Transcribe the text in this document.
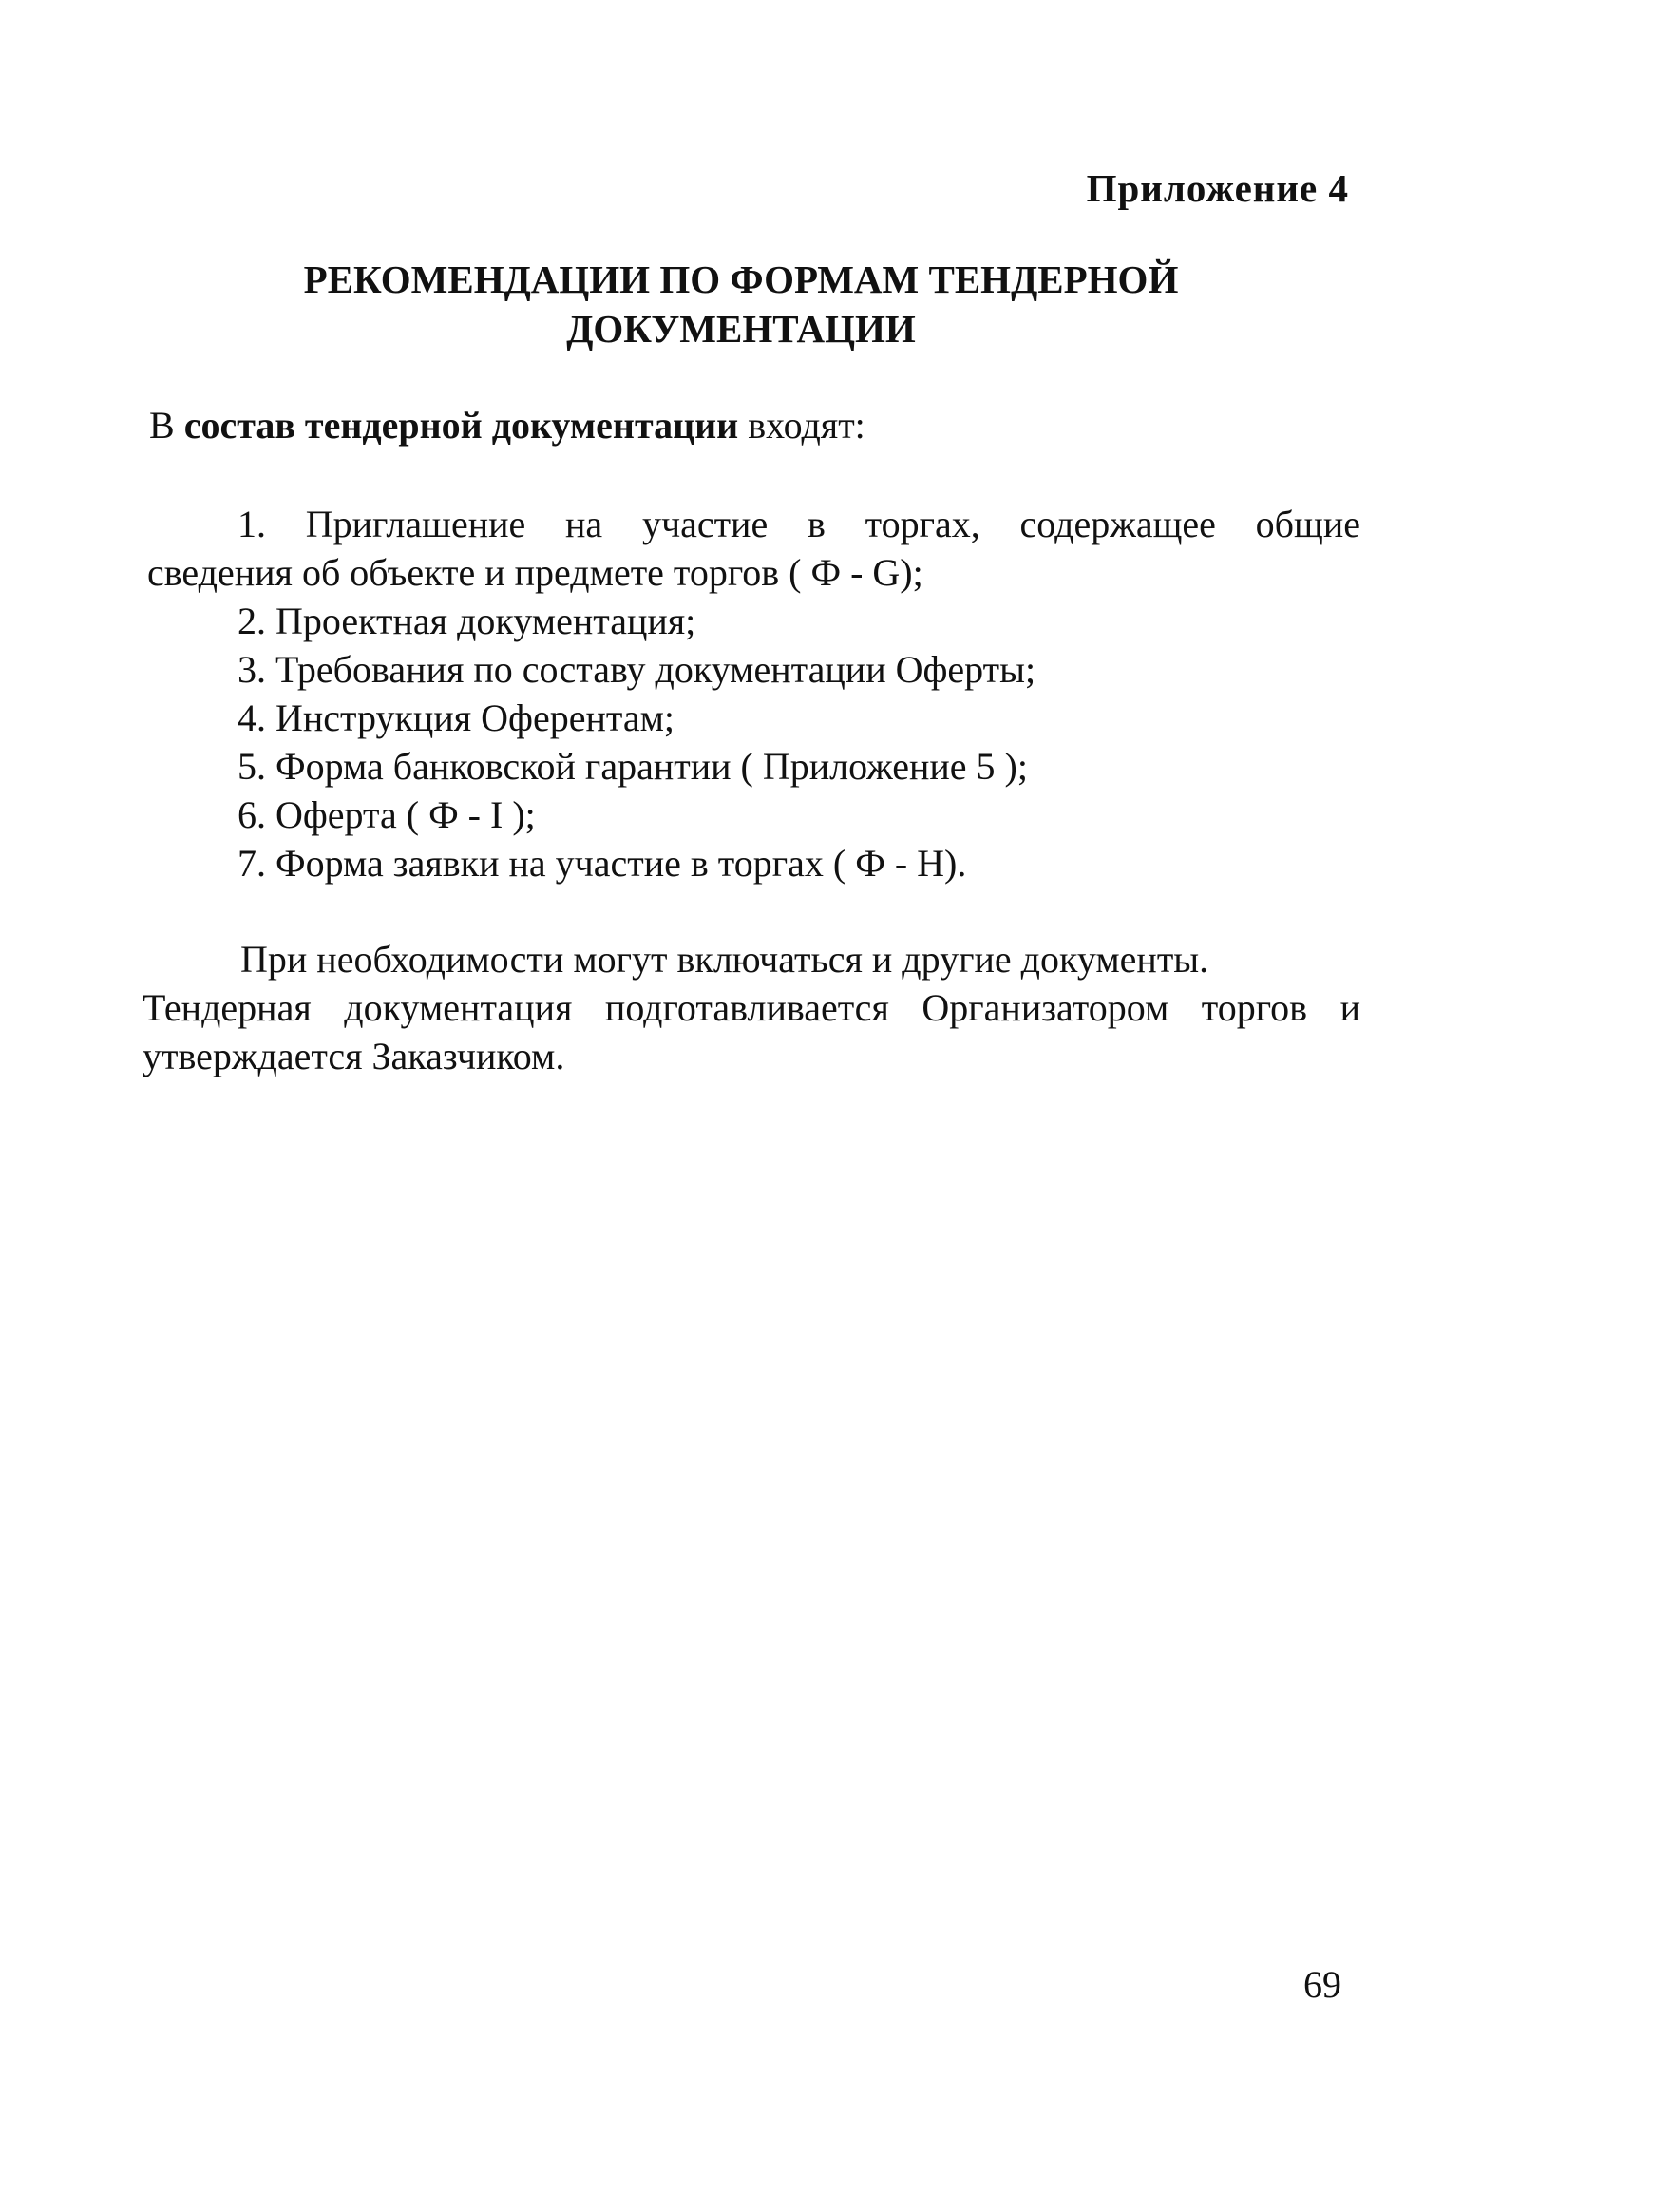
Приложение 4
РЕКОМЕНДАЦИИ ПО ФОРМАМ ТЕНДЕРНОЙ
ДОКУМЕНТАЦИИ
В состав тендерной документации входят:
1. Приглашение на участие в торгах, содержащее общие
сведения об объекте и предмете торгов ( Ф - G);
2. Проектная документация;
3. Требования по составу документации Оферты;
4. Инструкция Оферентам;
5. Форма банковской гарантии ( Приложение 5 );
6. Оферта ( Ф - I );
7. Форма заявки на участие в торгах ( Ф - H).
При необходимости могут включаться и другие документы.
Тендерная документация подготавливается Организатором торгов и
утверждается Заказчиком.
69
